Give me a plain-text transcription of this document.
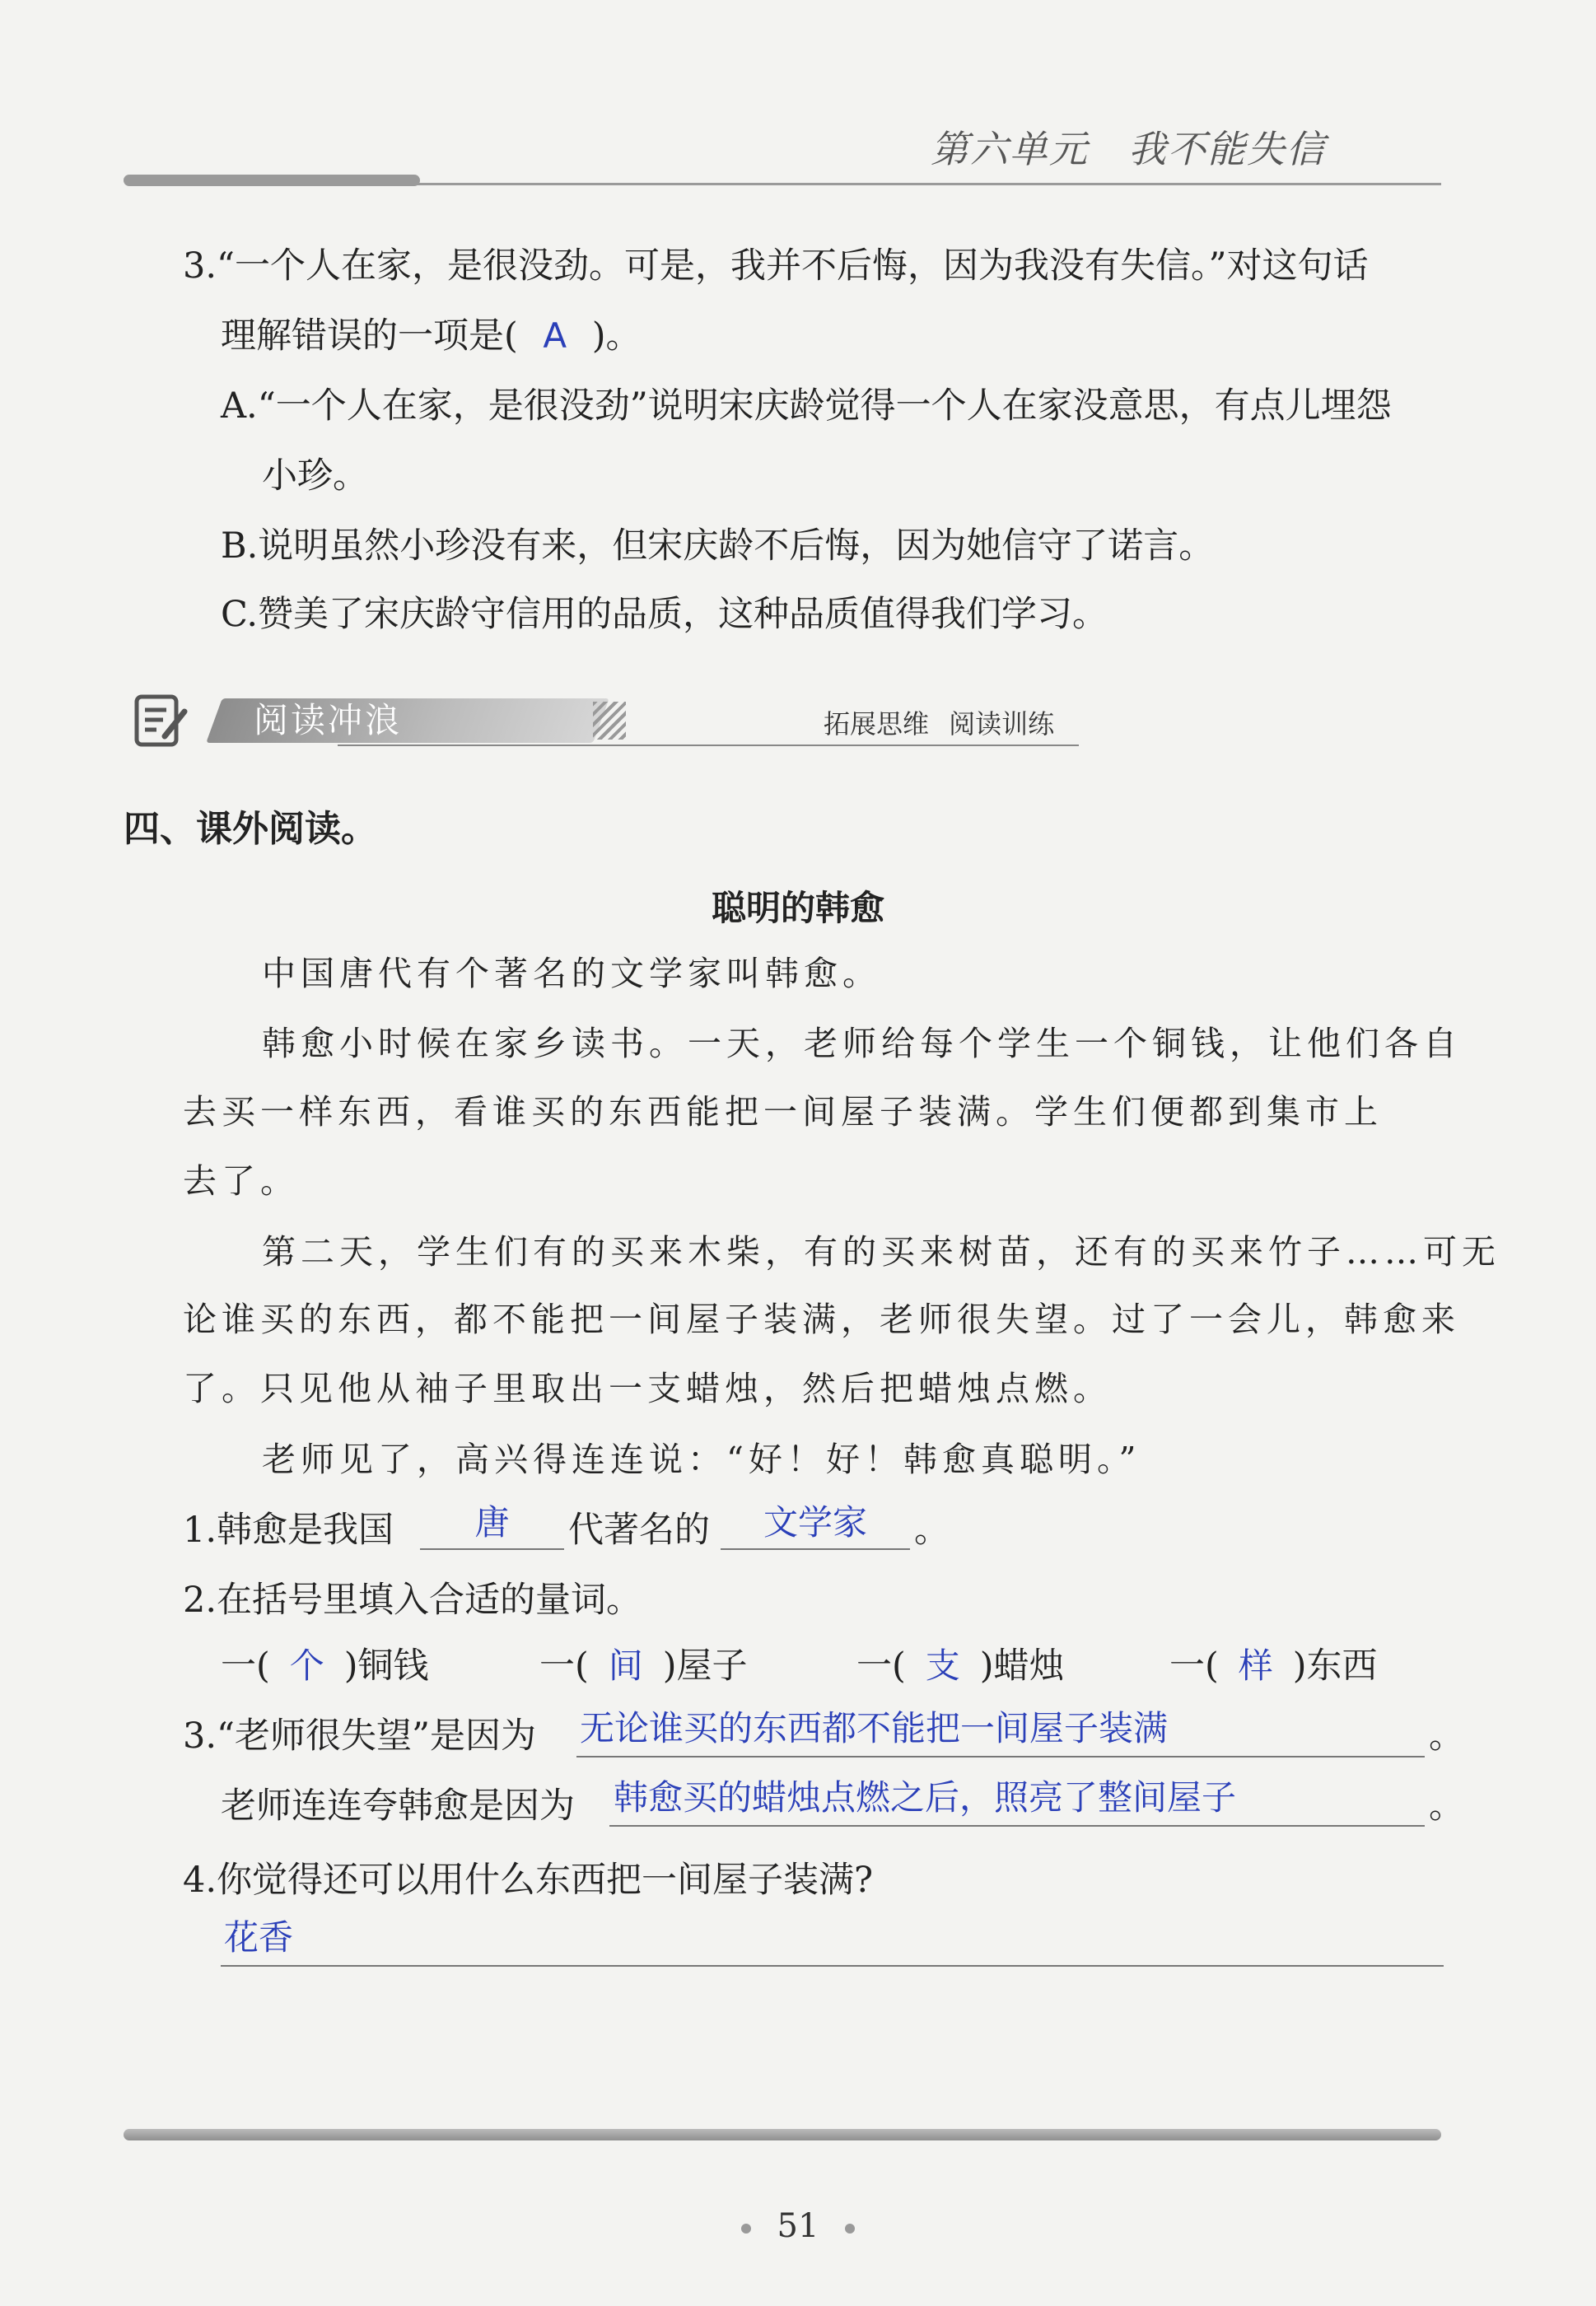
第六单元　我不能失信
3.“一个人在家，是很没劲。可是，我并不后悔，因为我没有失信。”对这句话
理解错误的一项是( A )。
A.“一个人在家，是很没劲”说明宋庆龄觉得一个人在家没意思，有点儿埋怨
小珍。
B.说明虽然小珍没有来，但宋庆龄不后悔，因为她信守了诺言。
C.赞美了宋庆龄守信用的品质，这种品质值得我们学习。
阅读冲浪	拓展思维 阅读训练
四、课外阅读。
聪明的韩愈
中国唐代有个著名的文学家叫韩愈。
韩愈小时候在家乡读书。一天，老师给每个学生一个铜钱，让他们各自
去买一样东西，看谁买的东西能把一间屋子装满。学生们便都到集市上
去了。
第二天，学生们有的买来木柴，有的买来树苗，还有的买来竹子……可无
论谁买的东西，都不能把一间屋子装满，老师很失望。过了一会儿，韩愈来
了。只见他从袖子里取出一支蜡烛，然后把蜡烛点燃。
老师见了，高兴得连连说：“好！好！韩愈真聪明。”
1.韩愈是我国	唐	代著名的	文学家	。
2.在括号里填入合适的量词。
一( 个 )铜钱	一( 间 )屋子	一( 支 )蜡烛	一( 样 )东西
3.“老师很失望”是因为 无论谁买的东西都不能把一间屋子装满	。
老师连连夸韩愈是因为 韩愈买的蜡烛点燃之后，照亮了整间屋子	。
4.你觉得还可以用什么东西把一间屋子装满?
花香
51
